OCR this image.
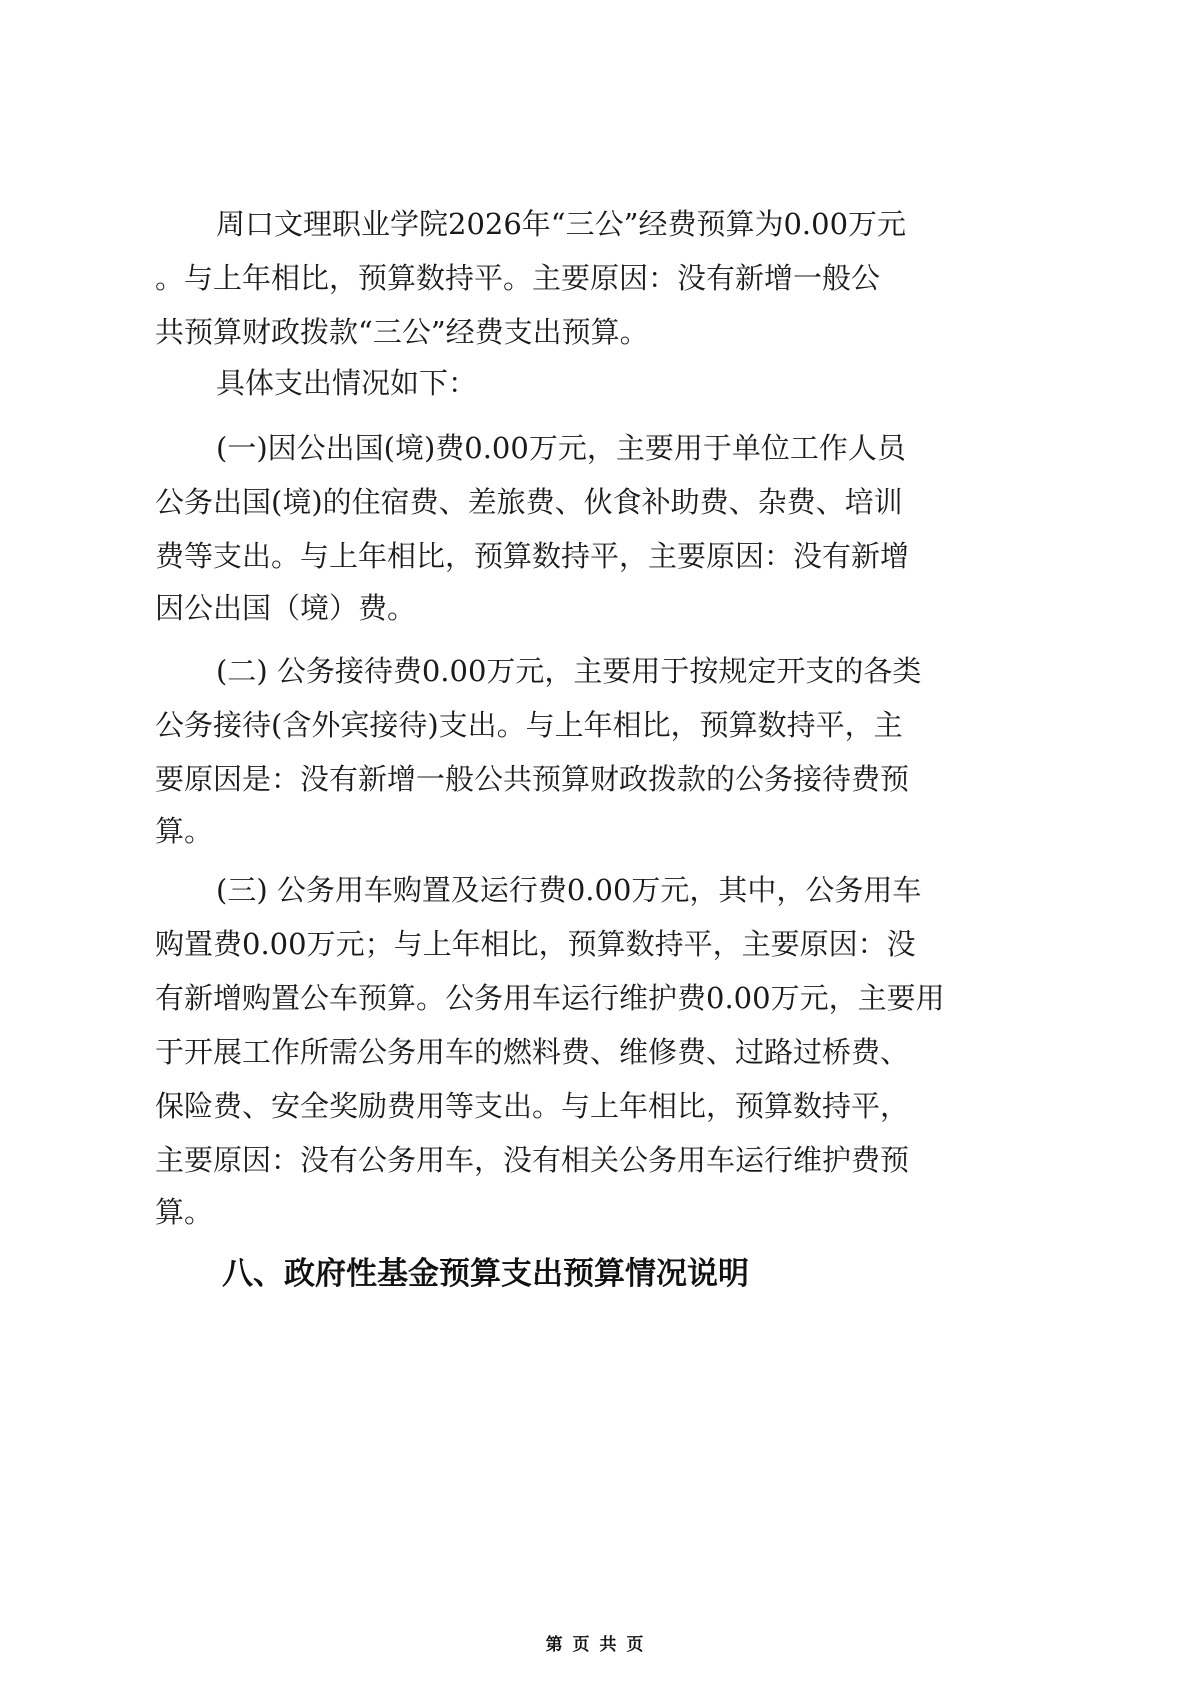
周口文理职业学院2026年“三公”经费预算为0.00万元

。与上年相比，预算数持平。主要原因：没有新增一般公

共预算财政拨款“三公”经费支出预算。

具体支出情况如下：

(一)因公出国(境)费0.00万元，主要用于单位工作人员

公务出国(境)的住宿费、差旅费、伙食补助费、杂费、培训

费等支出。与上年相比，预算数持平，主要原因：没有新增

因公出国（境）费。

(二) 公务接待费0.00万元，主要用于按规定开支的各类

公务接待(含外宾接待)支出。与上年相比，预算数持平，主

要原因是：没有新增一般公共预算财政拨款的公务接待费预

算。

(三) 公务用车购置及运行费0.00万元，其中，公务用车

购置费0.00万元；与上年相比，预算数持平，主要原因：没

有新增购置公车预算。公务用车运行维护费0.00万元，主要用

于开展工作所需公务用车的燃料费、维修费、过路过桥费、

保险费、安全奖励费用等支出。与上年相比，预算数持平，

主要原因：没有公务用车，没有相关公务用车运行维护费预

算。

八、政府性基金预算支出预算情况说明
第 页 共 页
